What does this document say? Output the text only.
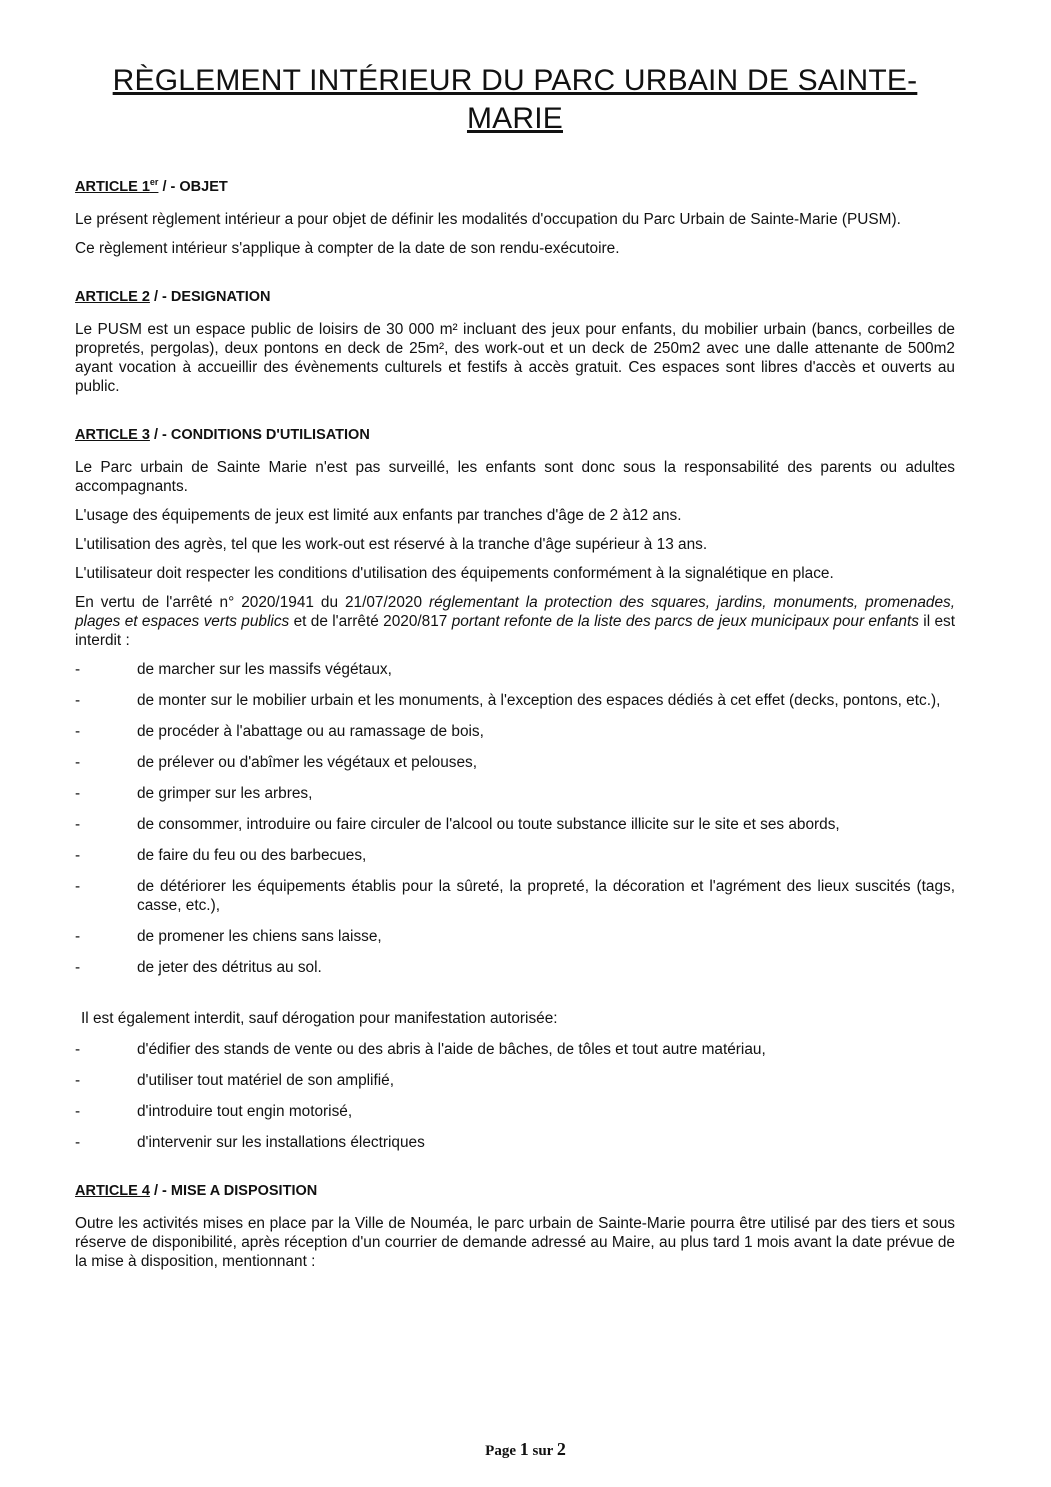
RÈGLEMENT INTÉRIEUR DU PARC URBAIN DE SAINTE-
MARIE
ARTICLE 1er / - OBJET

Le présent règlement intérieur a pour objet de définir les modalités d'occupation du Parc Urbain de Sainte-Marie (PUSM).

Ce règlement intérieur s'applique à compter de la date de son rendu-exécutoire.

ARTICLE 2 / - DESIGNATION

Le PUSM est un espace public de loisirs de 30 000 m² incluant des jeux pour enfants, du mobilier urbain (bancs, corbeilles de propretés, pergolas), deux pontons en deck de 25m², des work-out et un deck de 250m2 avec une dalle attenante de 500m2   ayant vocation à accueillir des évènements culturels et festifs à accès gratuit. Ces espaces sont libres d'accès et ouverts au public.

ARTICLE 3 / - CONDITIONS D'UTILISATION

Le Parc urbain de Sainte Marie n'est pas surveillé, les enfants sont donc sous la responsabilité des parents ou adultes accompagnants.

L'usage des équipements de jeux est limité aux enfants par tranches d'âge de 2 à12 ans.

L'utilisation des agrès, tel que les work-out est réservé à la tranche d'âge supérieur à 13 ans.

L'utilisateur doit respecter les conditions d'utilisation des équipements conformément à la signalétique en place.

En vertu de l'arrêté n° 2020/1941 du 21/07/2020 réglementant la protection des squares, jardins, monuments, promenades, plages et espaces verts publics et de l'arrêté 2020/817 portant refonte de la liste des parcs de jeux municipaux pour enfants il est interdit :

-	de marcher sur les massifs végétaux,
-	de monter sur le mobilier urbain et les monuments, à l'exception des espaces dédiés à cet effet (decks, pontons, etc.),
-	de procéder à l'abattage ou au ramassage de bois,
-	de prélever ou d'abîmer les végétaux et pelouses,
-	de grimper sur les arbres,
-	de consommer, introduire ou faire circuler de l'alcool ou toute substance illicite sur le site et ses abords,
-	de faire du feu ou des barbecues,
-	de détériorer les équipements établis pour la sûreté, la propreté, la décoration et l'agrément des lieux suscités (tags, casse, etc.),
-	de promener les chiens sans laisse,
-	de jeter des détritus au sol.

Il est également interdit, sauf dérogation pour manifestation autorisée:

-	d'édifier des stands de vente ou des abris à l'aide de bâches, de tôles et tout autre matériau,
-	d'utiliser tout matériel de son amplifié,
-	d'introduire tout engin motorisé,
-	d'intervenir sur les installations électriques
ARTICLE 4 / - MISE A DISPOSITION

Outre les activités mises en place par la Ville de Nouméa, le parc urbain de Sainte-Marie pourra être utilisé par des tiers et sous réserve de disponibilité, après réception d'un courrier de demande adressé au Maire, au plus tard 1 mois avant la date prévue de la mise à disposition, mentionnant :

Page 1 sur 2
